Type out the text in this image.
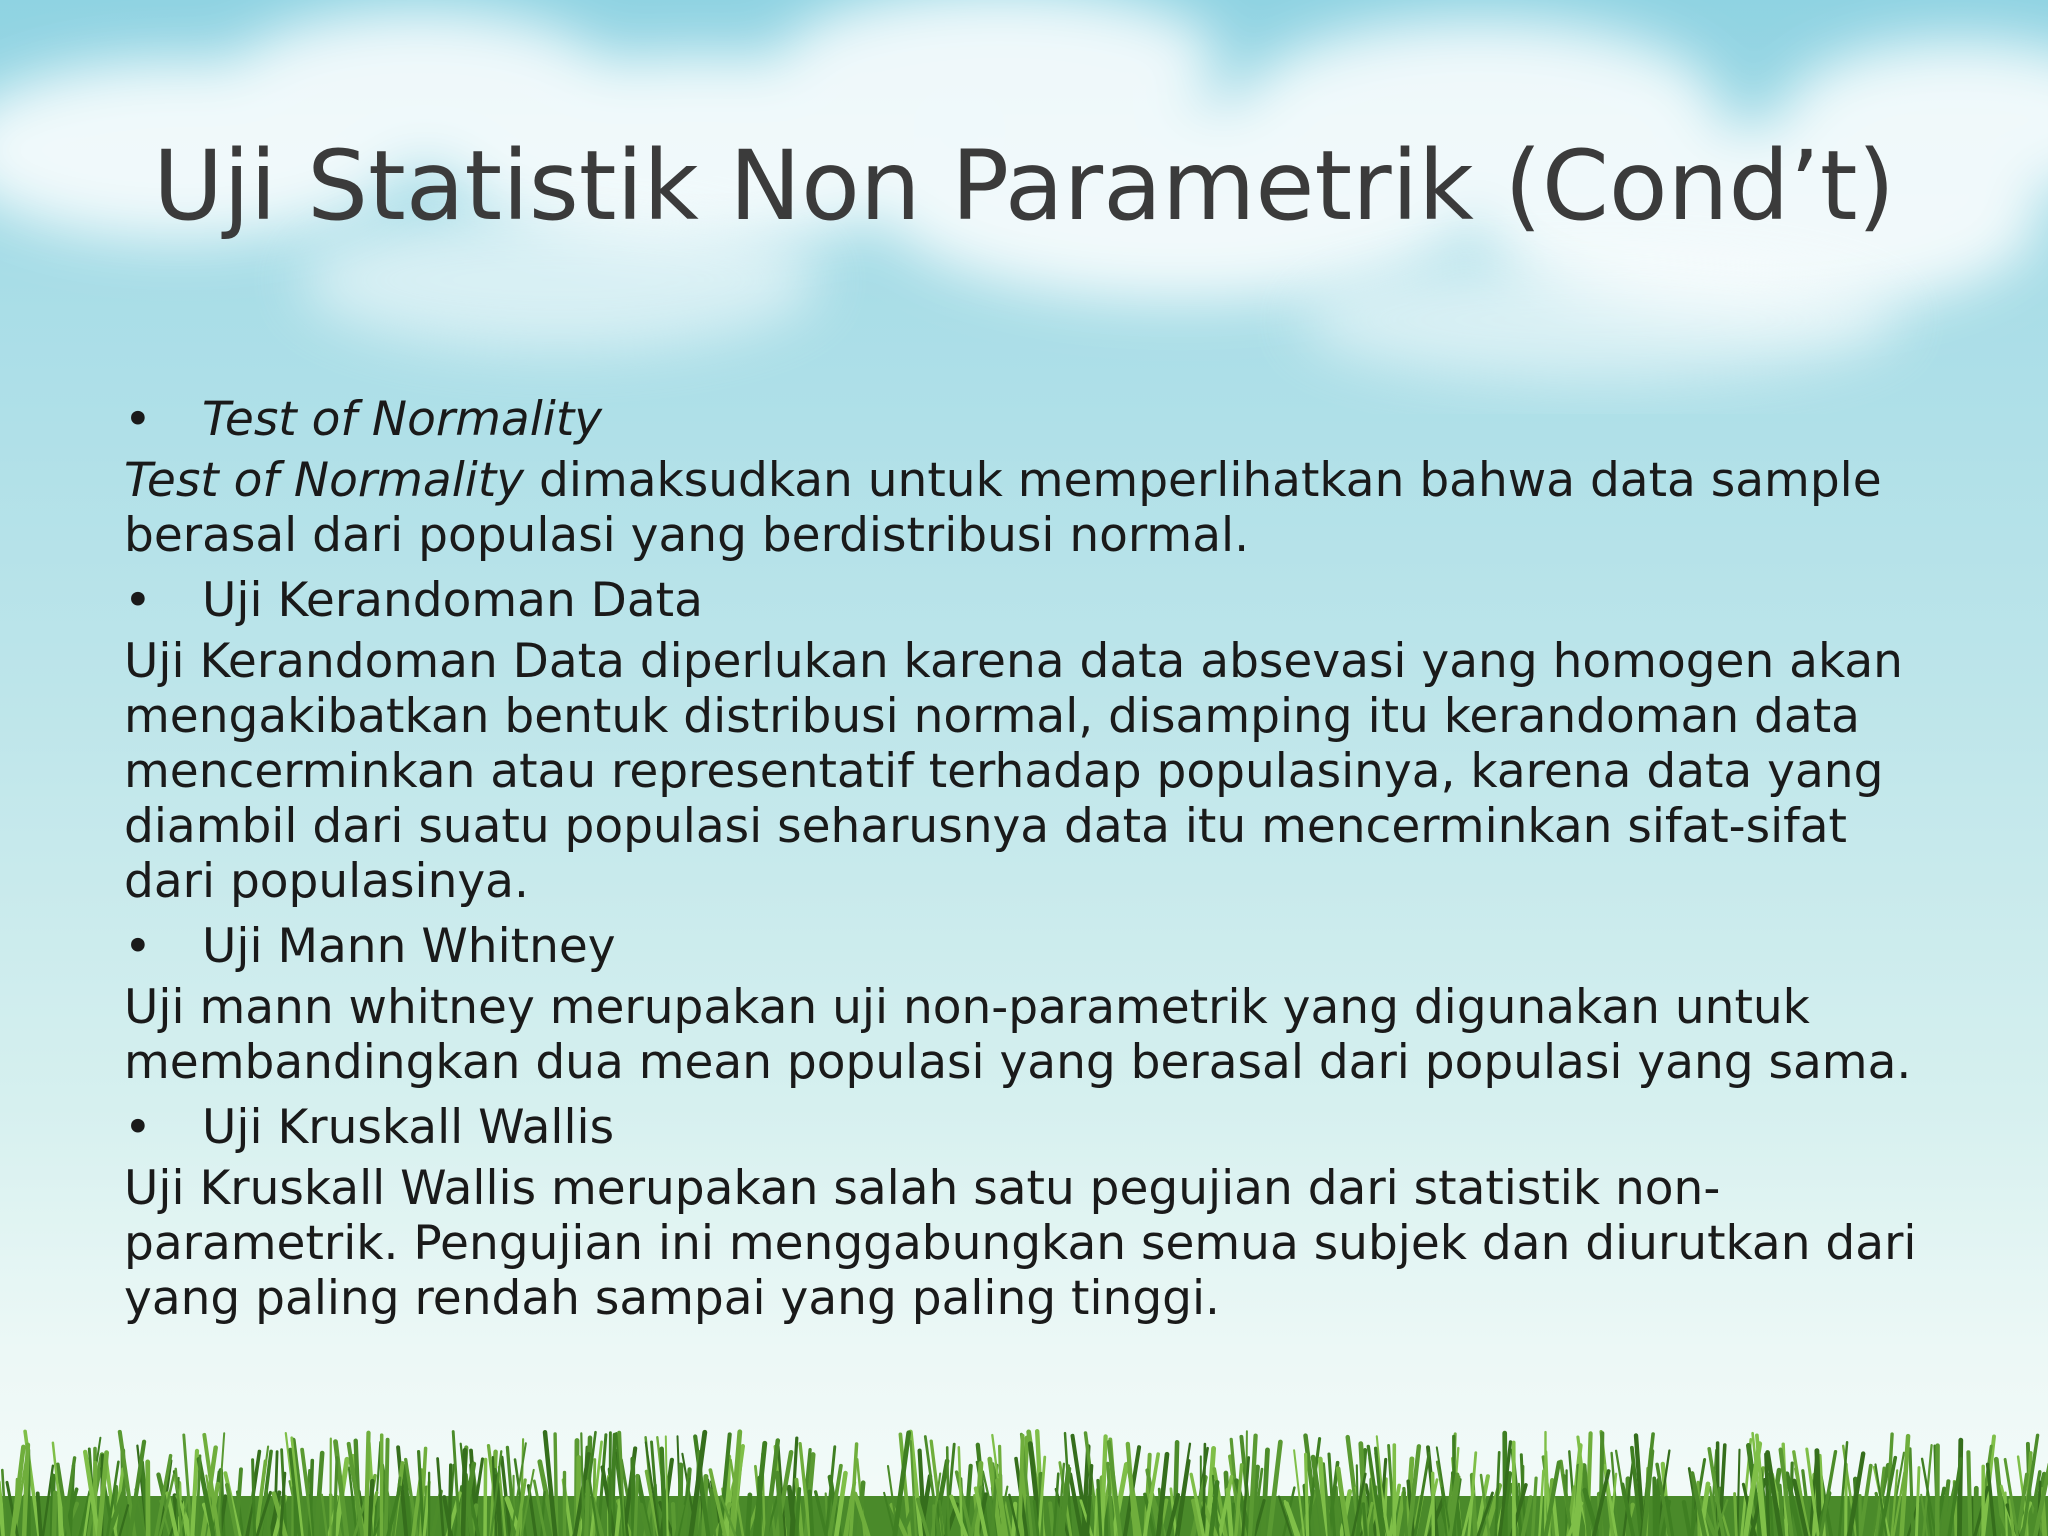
Uji Statistik Non Parametrik (Cond’t)
•	Test of Normality

Test of Normality dimaksudkan untuk memperlihatkan bahwa data sample berasal dari populasi yang berdistribusi normal.

•	Uji Kerandoman Data

Uji Kerandoman Data diperlukan karena data absevasi yang homogen akan mengakibatkan bentuk distribusi normal, disamping itu kerandoman data mencerminkan atau representatif terhadap populasinya, karena data yang diambil dari suatu populasi seharusnya data itu mencerminkan sifat-sifat dari populasinya.

•	Uji Mann Whitney

Uji mann whitney merupakan uji non-parametrik yang digunakan untuk membandingkan dua mean populasi yang berasal dari populasi yang sama.

•	Uji Kruskall Wallis

Uji Kruskall Wallis merupakan salah satu pegujian dari statistik non-parametrik. Pengujian ini menggabungkan semua subjek dan diurutkan dari yang paling rendah sampai yang paling tinggi.
